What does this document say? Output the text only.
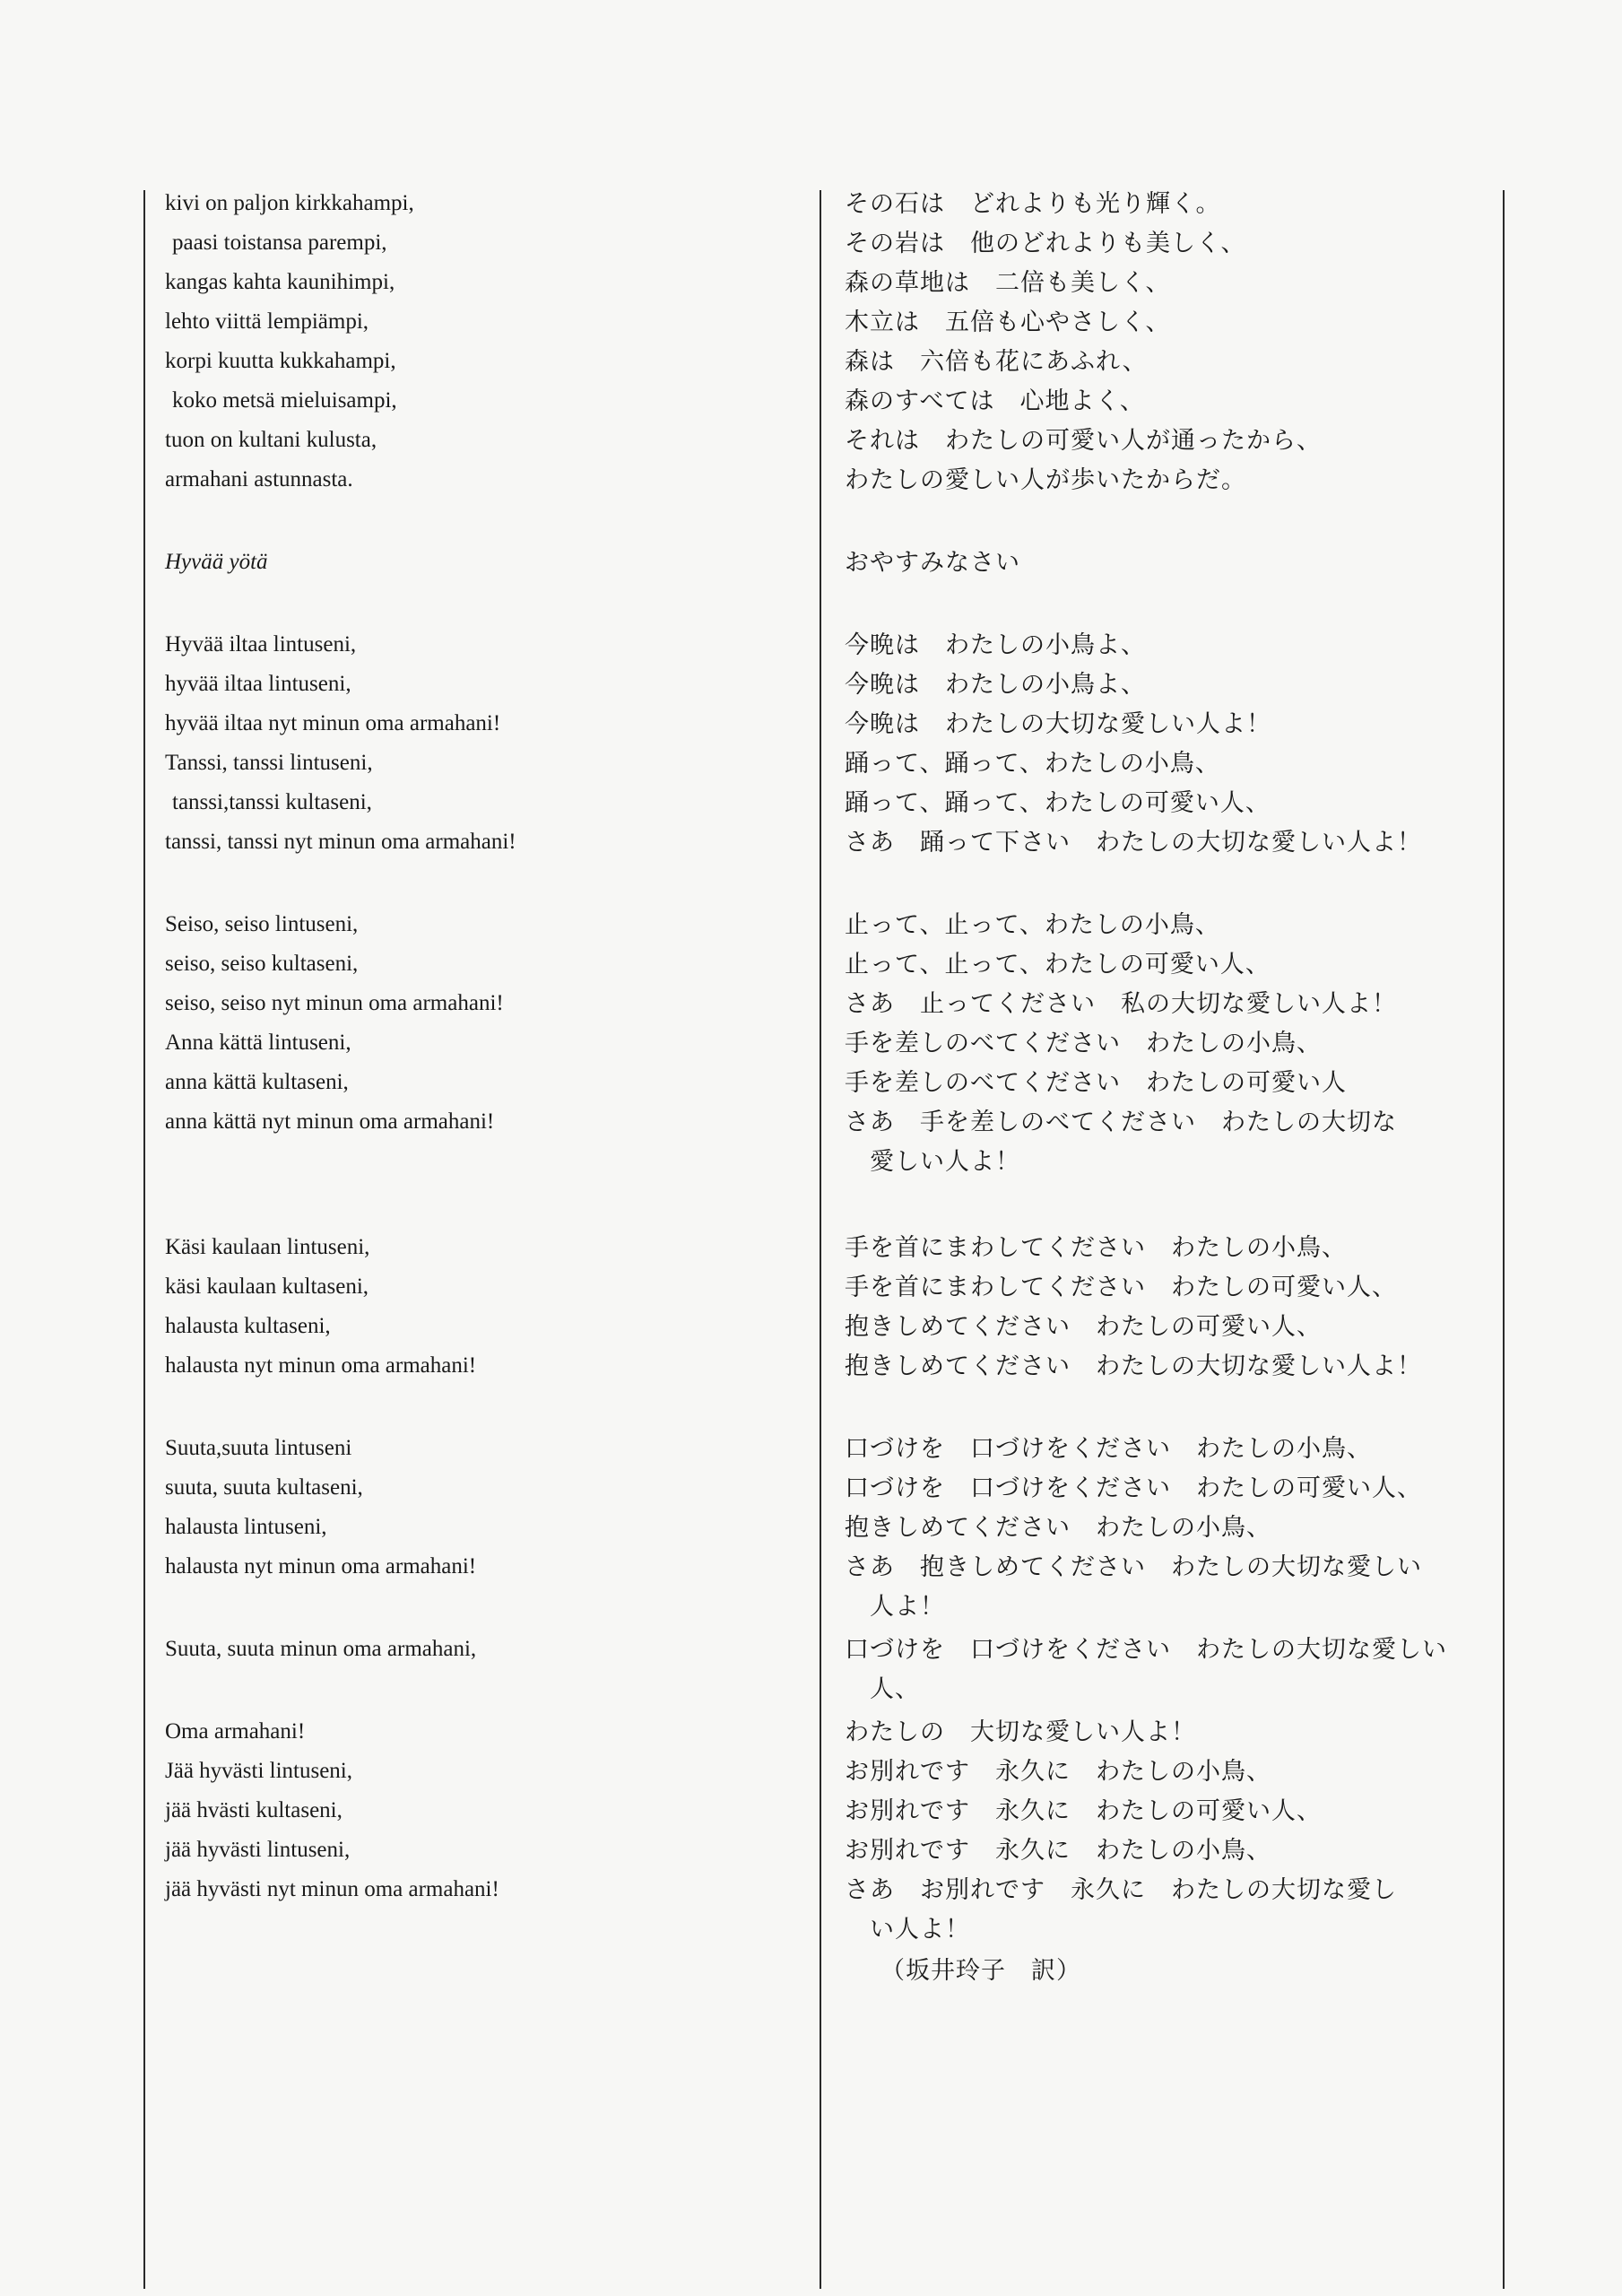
kivi on paljon kirkkahampi,
paasi toistansa parempi,
kangas kahta kaunihimpi,
lehto viittä lempiämpi,
korpi kuutta kukkahampi,
koko metsä mieluisampi,
tuon on kultani kulusta,
armahani astunnasta.
Hyvää yötä
Hyvää iltaa lintuseni,
hyvää iltaa lintuseni,
hyvää iltaa nyt minun oma armahani!
Tanssi, tanssi lintuseni,
tanssi,tanssi kultaseni,
tanssi, tanssi nyt minun oma armahani!
Seiso, seiso lintuseni,
seiso, seiso kultaseni,
seiso, seiso nyt minun oma armahani!
Anna kättä lintuseni,
anna kättä kultaseni,
anna kättä nyt minun oma armahani!
Käsi kaulaan lintuseni,
käsi kaulaan kultaseni,
halausta kultaseni,
halausta nyt minun oma armahani!
Suuta,suuta lintuseni
suuta, suuta kultaseni,
halausta lintuseni,
halausta nyt minun oma armahani!
Suuta, suuta minun oma armahani,
Oma armahani!
Jää hyvästi lintuseni,
jää hvästi kultaseni,
jää hyvästi lintuseni,
jää hyvästi nyt minun oma armahani!
その石は　どれよりも光り輝く。
その岩は　他のどれよりも美しく、
森の草地は　二倍も美しく、
木立は　五倍も心やさしく、
森は　六倍も花にあふれ、
森のすべては　心地よく、
それは　わたしの可愛い人が通ったから、
わたしの愛しい人が歩いたからだ。
おやすみなさい
今晩は　わたしの小鳥よ、
今晩は　わたしの小鳥よ、
今晩は　わたしの大切な愛しい人よ！
踊って、踊って、わたしの小鳥、
踊って、踊って、わたしの可愛い人、
さあ　踊って下さい　わたしの大切な愛しい人よ！
止って、止って、わたしの小鳥、
止って、止って、わたしの可愛い人、
さあ　止ってください　私の大切な愛しい人よ！
手を差しのべてください　わたしの小鳥、
手を差しのべてください　わたしの可愛い人
さあ　手を差しのべてください　わたしの大切な
愛しい人よ！
手を首にまわしてください　わたしの小鳥、
手を首にまわしてください　わたしの可愛い人、
抱きしめてください　わたしの可愛い人、
抱きしめてください　わたしの大切な愛しい人よ！
口づけを　口づけをください　わたしの小鳥、
口づけを　口づけをください　わたしの可愛い人、
抱きしめてください　わたしの小鳥、
さあ　抱きしめてください　わたしの大切な愛しい
人よ！
口づけを　口づけをください　わたしの大切な愛しい
人、
わたしの　大切な愛しい人よ！
お別れです　永久に　わたしの小鳥、
お別れです　永久に　わたしの可愛い人、
お別れです　永久に　わたしの小鳥、
さあ　お別れです　永久に　わたしの大切な愛し
い人よ！
（坂井玲子　訳）
